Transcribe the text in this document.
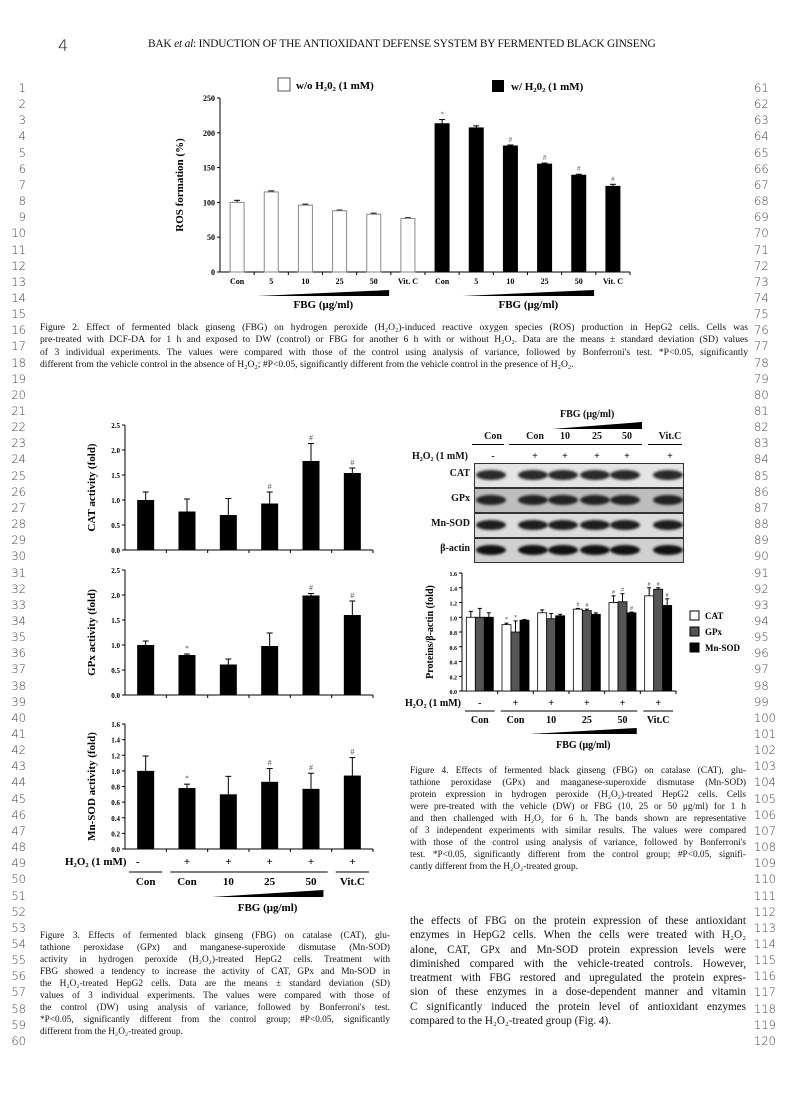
4	BAK et al: INDUCTION OF THE ANTIOXIDANT DEFENSE SYSTEM BY FERMENTED BLACK GINSENG
1
2
3
4
5
6
7
8
9
10
11
12
13
14
15
16
17
18
19
20
21
22
23
24
25
26
27
28
29
30
31
32
33
34
35
36
37
38
39
40
41
42
43
44
45
46
47
48
49
50
51
52
53
54
55
56
57
58
59
60
61
62
63
64
65
66
67
68
69
70
71
72
73
74
75
76
77
78
79
80
81
82
83
84
85
86
87
88
89
90
91
92
93
94
95
96
97
98
99
100
101
102
103
104
105
106
107
108
109
110
111
112
113
114
115
116
117
118
119
120
0
50
100
150
200
250
ROS formation (%)
Con	5	10	25	50	Vit. C Con	5	10	25	50	Vit. C
*
#
#
#
#
w/o H₂0₂ (1 mM)	w/ H₂0₂ (1 mM)
FBG (μg/ml)	FBG (μg/ml)
Figure 2. Effect of fermented black ginseng (FBG) on hydrogen peroxide (H₂O₂)-induced reactive oxygen species (ROS) production in HepG2 cells. Cells was
pre-treated with DCF-DA for 1 h and exposed to DW (control) or FBG for another 6 h with or without H₂O₂. Data are the means ± standard deviation (SD) values
of 3 individual experiments. The values were compared with those of the control using analysis of variance, followed by Bonferroni's test. *P<0.05, significantly
different from the vehicle control in the absence of H₂O₂; #P<0.05, significantly different from the vehicle control in the presence of H₂O₂.
0.0
0.5
1.0
1.5
2.0
2.5
CAT activity (fold)	#
#
#
0.0
0.5
1.0
1.5
2.0
2.5
GPx activity (fold)	*
#
#
0.0
0.2
0.4
0.6
0.8
1.0
1.2
1.4
1.6
Mn-SOD activity (fold)	*
#
#
#
H₂O₂ (1 mM) -	+	+	+	+	+
Con Con 10	25	50 Vit.C
FBG (μg/ml)
Figure 3. Effects of fermented black ginseng (FBG) on catalase (CAT), glu-
tathione peroxidase (GPx) and manganese-superoxide dismutase (Mn-SOD)
activity in hydrogen peroxide (H₂O₂)-treated HepG2 cells. Treatment with
FBG showed a tendency to increase the activity of CAT, GPx and Mn-SOD in
the H₂O₂-treated HepG2 cells. Data are the means ± standard deviation (SD)
values of 3 individual experiments. The values were compared with those of
the control (DW) using analysis of variance, followed by Bonferroni's test.
*P<0.05, significantly different from the control group; #P<0.05, significantly
different from the H₂O₂-treated group.
FBG (μg/ml)
Con	Con	10	25	50	Vit.C
H₂O₂ (1 mM)	-	+	+	+	+	+
CAT
GPx
Mn-SOD
β-actin
0.0
0.2
0.4
0.6
0.8
1.0
1.2
1.4
1.6
Proteins/β-actin (fold)	*
#
#
#
*
#
#
#
#
#
CAT
GPx
Mn-SOD
H₂O₂ (1 mM) -	+	+	+	+	+
Con Con 10	25	50 Vit.C
FBG (μg/ml)
Figure 4. Effects of fermented black ginseng (FBG) on catalase (CAT), glu-
tathione peroxidase (GPx) and manganese-superoxide dismutase (Mn-SOD)
protein expression in hydrogen peroxide (H₂O₂)-treated HepG2 cells. Cells
were pre-treated with the vehicle (DW) or FBG (10, 25 or 50 μg/ml) for 1 h
and then challenged with H₂O₂ for 6 h. The bands shown are representative
of 3 independent experiments with similar results. The values were compared
with those of the control using analysis of variance, followed by Bonferroni's
test. *P<0.05, significantly different from the control group; #P<0.05, signifi-
cantly different from the H₂O₂-treated group.
the effects of FBG on the protein expression of these antioxidant
enzymes in HepG2 cells. When the cells were treated with H₂O₂
alone, CAT, GPx and Mn-SOD protein expression levels were
diminished compared with the vehicle-treated controls. However,
treatment with FBG restored and upregulated the protein expres-
sion of these enzymes in a dose-dependent manner and vitamin
C significantly induced the protein level of antioxidant enzymes
compared to the H₂O₂-treated group (Fig. 4).
